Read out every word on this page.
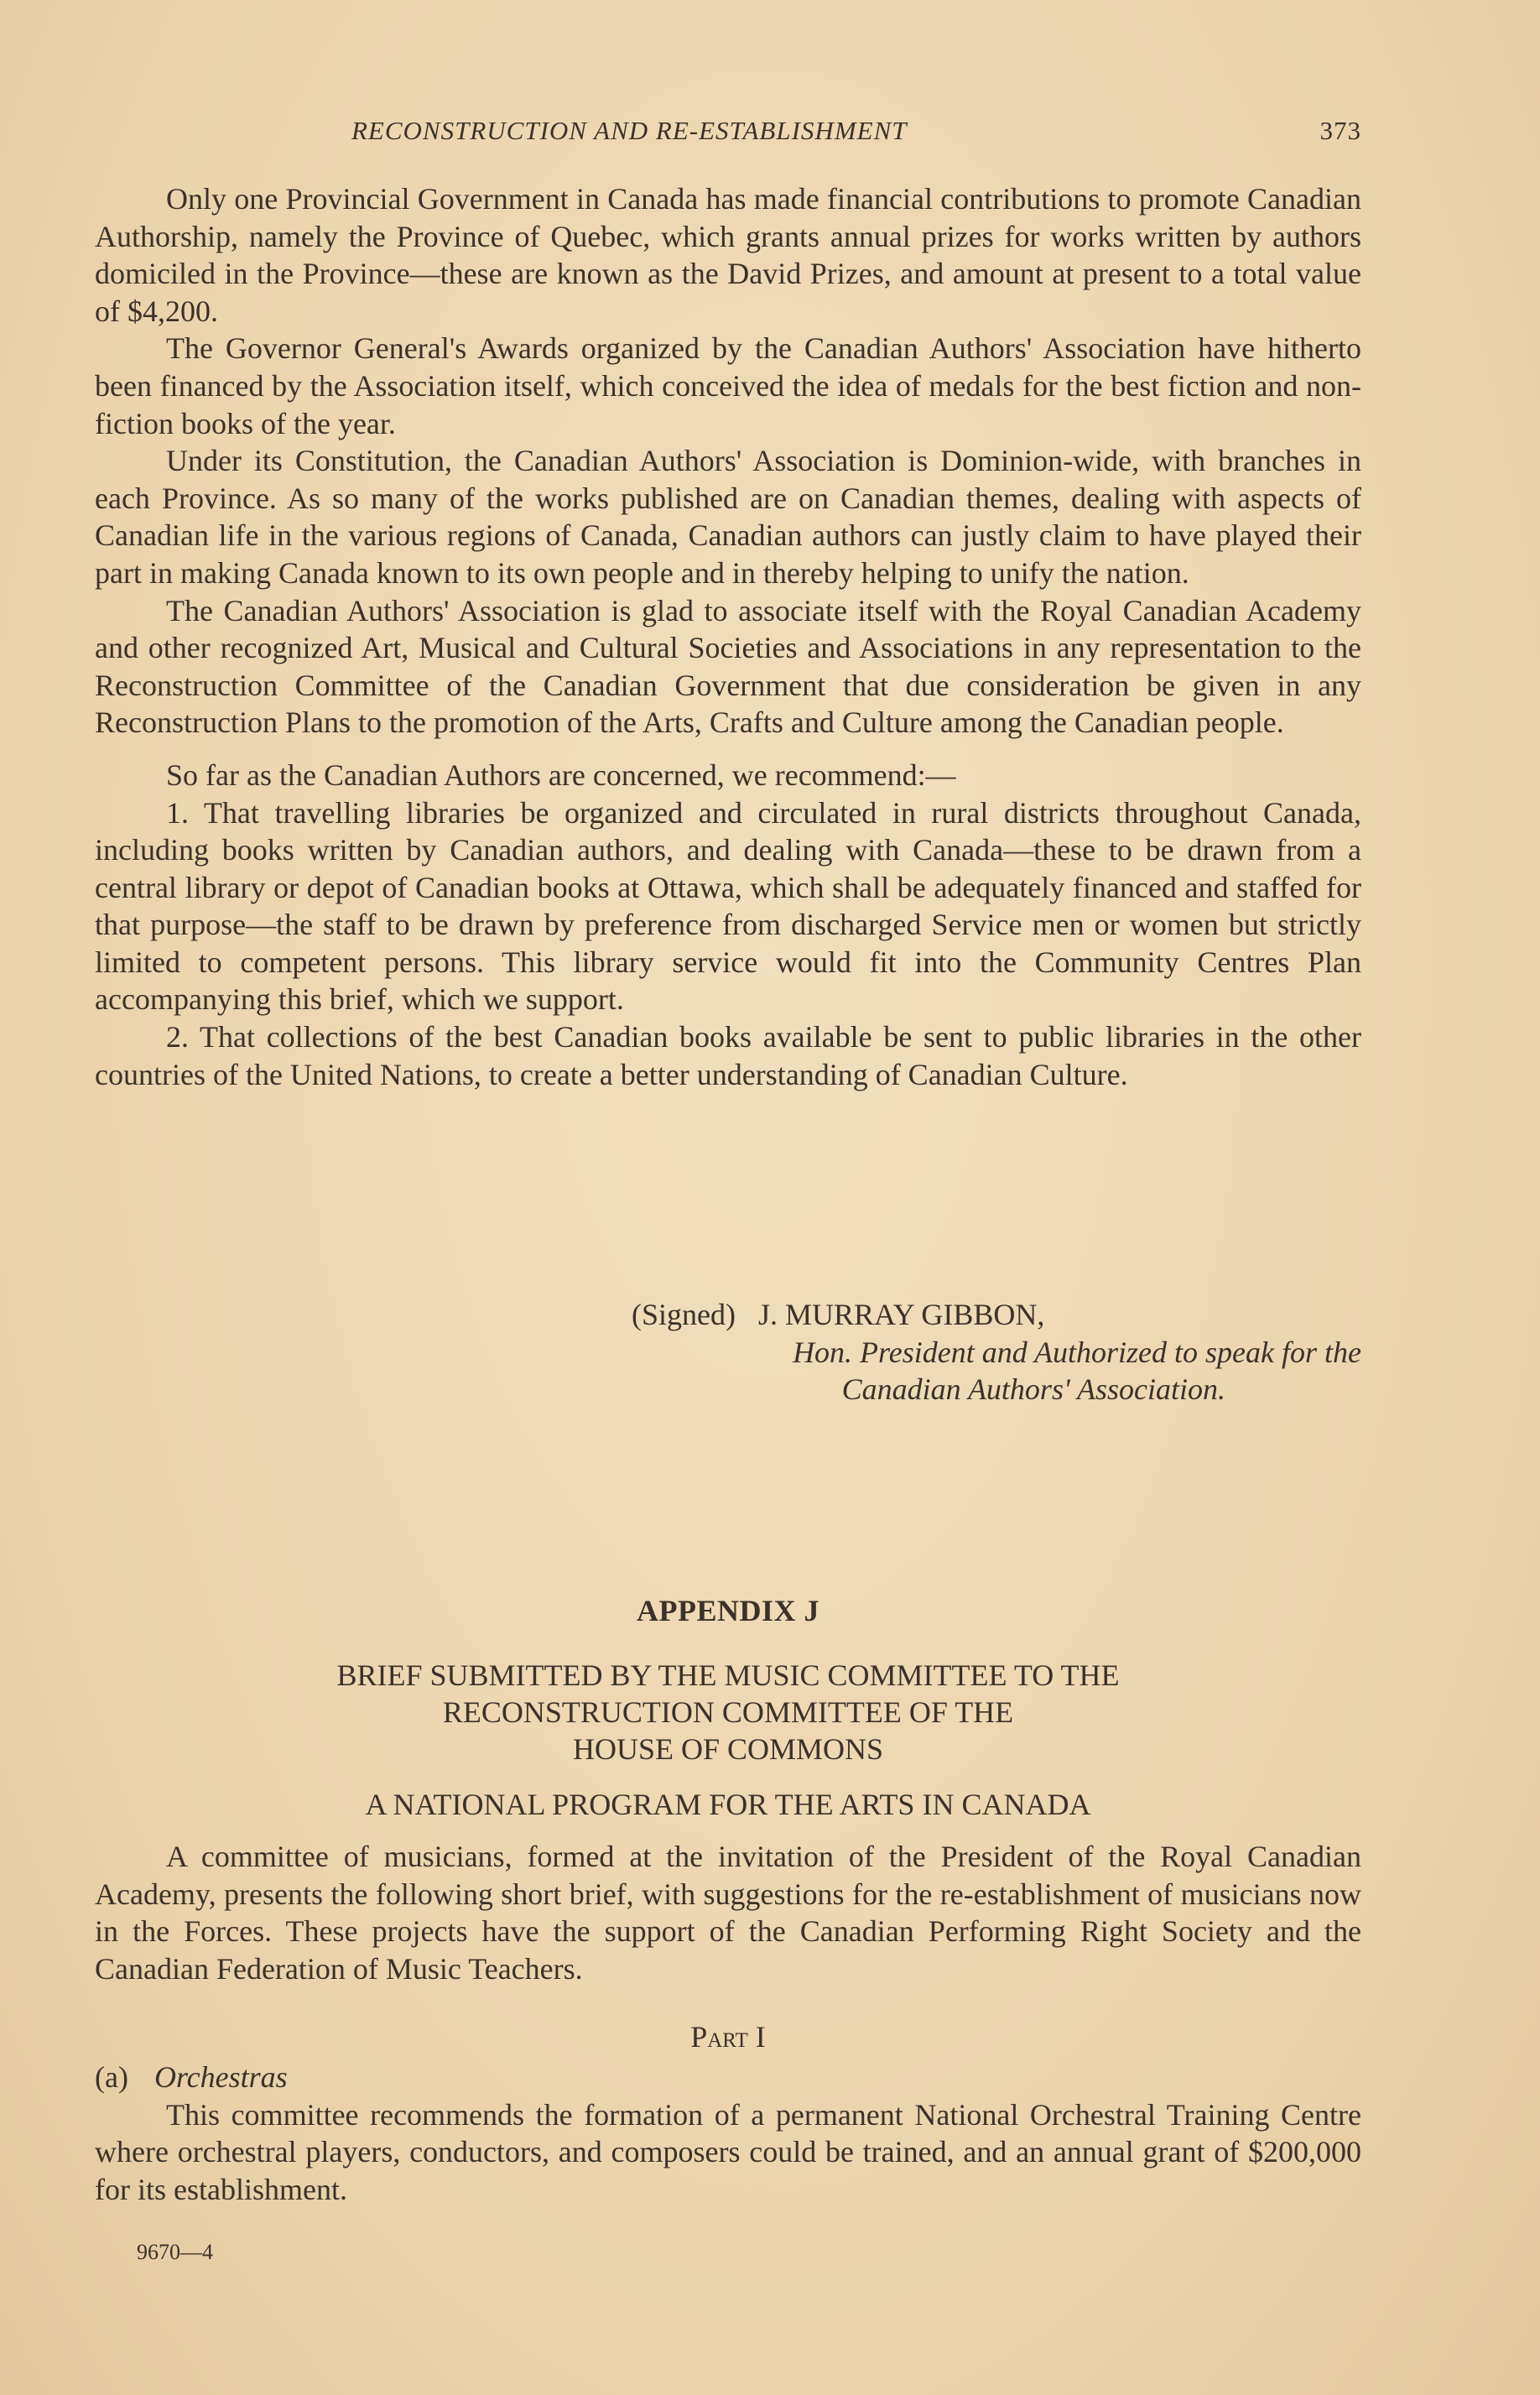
RECONSTRUCTION AND RE-ESTABLISHMENT	373

Only one Provincial Government in Canada has made financial contributions to promote Canadian Authorship, namely the Province of Quebec, which grants annual prizes for works written by authors domiciled in the Province—these are known as the David Prizes, and amount at present to a total value of $4,200.

The Governor General's Awards organized by the Canadian Authors' Association have hitherto been financed by the Association itself, which conceived the idea of medals for the best fiction and non-fiction books of the year.

Under its Constitution, the Canadian Authors' Association is Dominion-wide, with branches in each Province. As so many of the works published are on Canadian themes, dealing with aspects of Canadian life in the various regions of Canada, Canadian authors can justly claim to have played their part in making Canada known to its own people and in thereby helping to unify the nation.

The Canadian Authors' Association is glad to associate itself with the Royal Canadian Academy and other recognized Art, Musical and Cultural Societies and Associations in any representation to the Reconstruction Committee of the Canadian Government that due consideration be given in any Reconstruction Plans to the promotion of the Arts, Crafts and Culture among the Canadian people.

So far as the Canadian Authors are concerned, we recommend:—

1. That travelling libraries be organized and circulated in rural districts throughout Canada, including books written by Canadian authors, and dealing with Canada—these to be drawn from a central library or depot of Canadian books at Ottawa, which shall be adequately financed and staffed for that purpose—the staff to be drawn by preference from discharged Service men or women but strictly limited to competent persons. This library service would fit into the Community Centres Plan accompanying this brief, which we support.

2. That collections of the best Canadian books available be sent to public libraries in the other countries of the United Nations, to create a better understanding of Canadian Culture.

(Signed) J. MURRAY GIBBON,
Hon. President and Authorized to speak for the
Canadian Authors' Association.
APPENDIX J
BRIEF SUBMITTED BY THE MUSIC COMMITTEE TO THE
RECONSTRUCTION COMMITTEE OF THE
HOUSE OF COMMONS
A NATIONAL PROGRAM FOR THE ARTS IN CANADA

A committee of musicians, formed at the invitation of the President of the Royal Canadian Academy, presents the following short brief, with suggestions for the re-establishment of musicians now in the Forces. These projects have the support of the Canadian Performing Right Society and the Canadian Federation of Music Teachers.

Part I
(a) Orchestras

This committee recommends the formation of a permanent National Orchestral Training Centre where orchestral players, conductors, and composers could be trained, and an annual grant of $200,000 for its establishment.

9670—4
